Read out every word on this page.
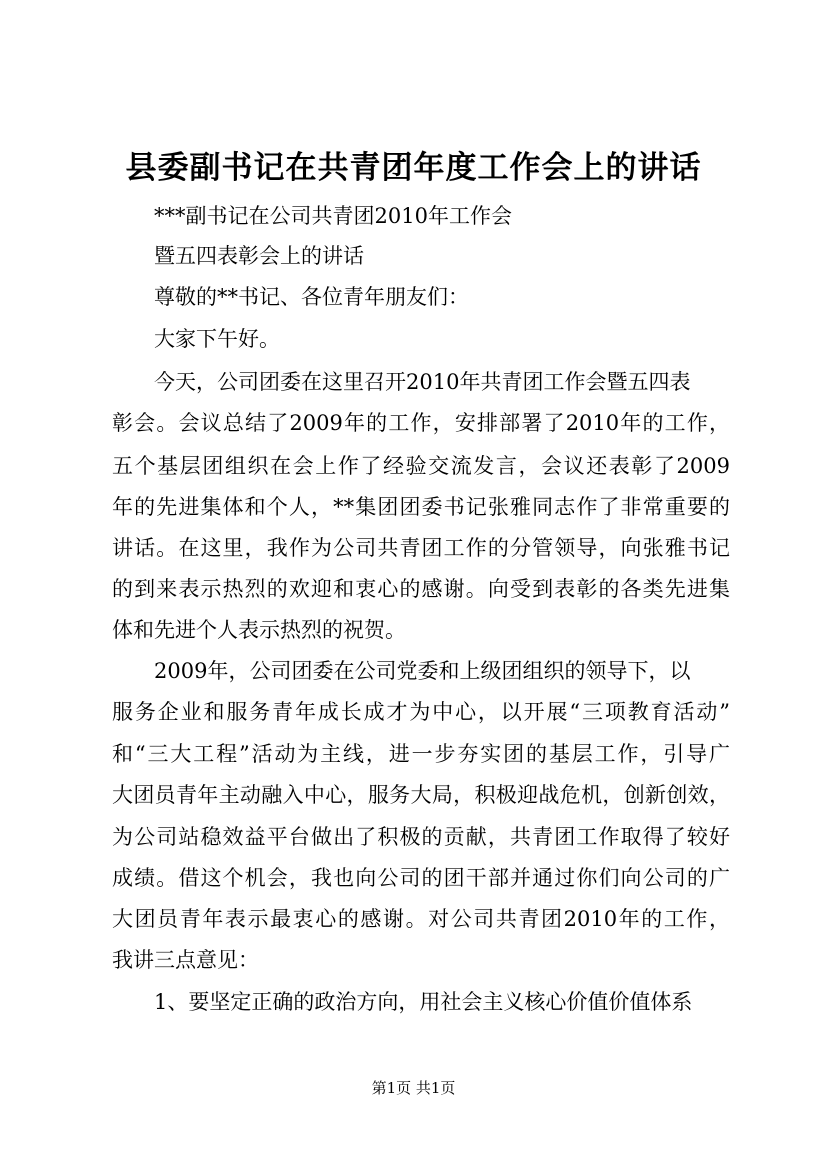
县委副书记在共青团年度工作会上的讲话
***副书记在公司共青团2010年工作会
暨五四表彰会上的讲话
尊敬的**书记、各位青年朋友们：
大家下午好。
今天，公司团委在这里召开2010年共青团工作会暨五四表
彰会。会议总结了2009年的工作，安排部署了2010年的工作，
五个基层团组织在会上作了经验交流发言，会议还表彰了2009
年的先进集体和个人，**集团团委书记张雅同志作了非常重要的
讲话。在这里，我作为公司共青团工作的分管领导，向张雅书记
的到来表示热烈的欢迎和衷心的感谢。向受到表彰的各类先进集
体和先进个人表示热烈的祝贺。
2009年，公司团委在公司党委和上级团组织的领导下，以
服务企业和服务青年成长成才为中心，以开展“三项教育活动”
和“三大工程”活动为主线，进一步夯实团的基层工作，引导广
大团员青年主动融入中心，服务大局，积极迎战危机，创新创效，
为公司站稳效益平台做出了积极的贡献，共青团工作取得了较好
成绩。借这个机会，我也向公司的团干部并通过你们向公司的广
大团员青年表示最衷心的感谢。对公司共青团2010年的工作，
我讲三点意见：
1、要坚定正确的政治方向，用社会主义核心价值价值体系
第1页 共1页
